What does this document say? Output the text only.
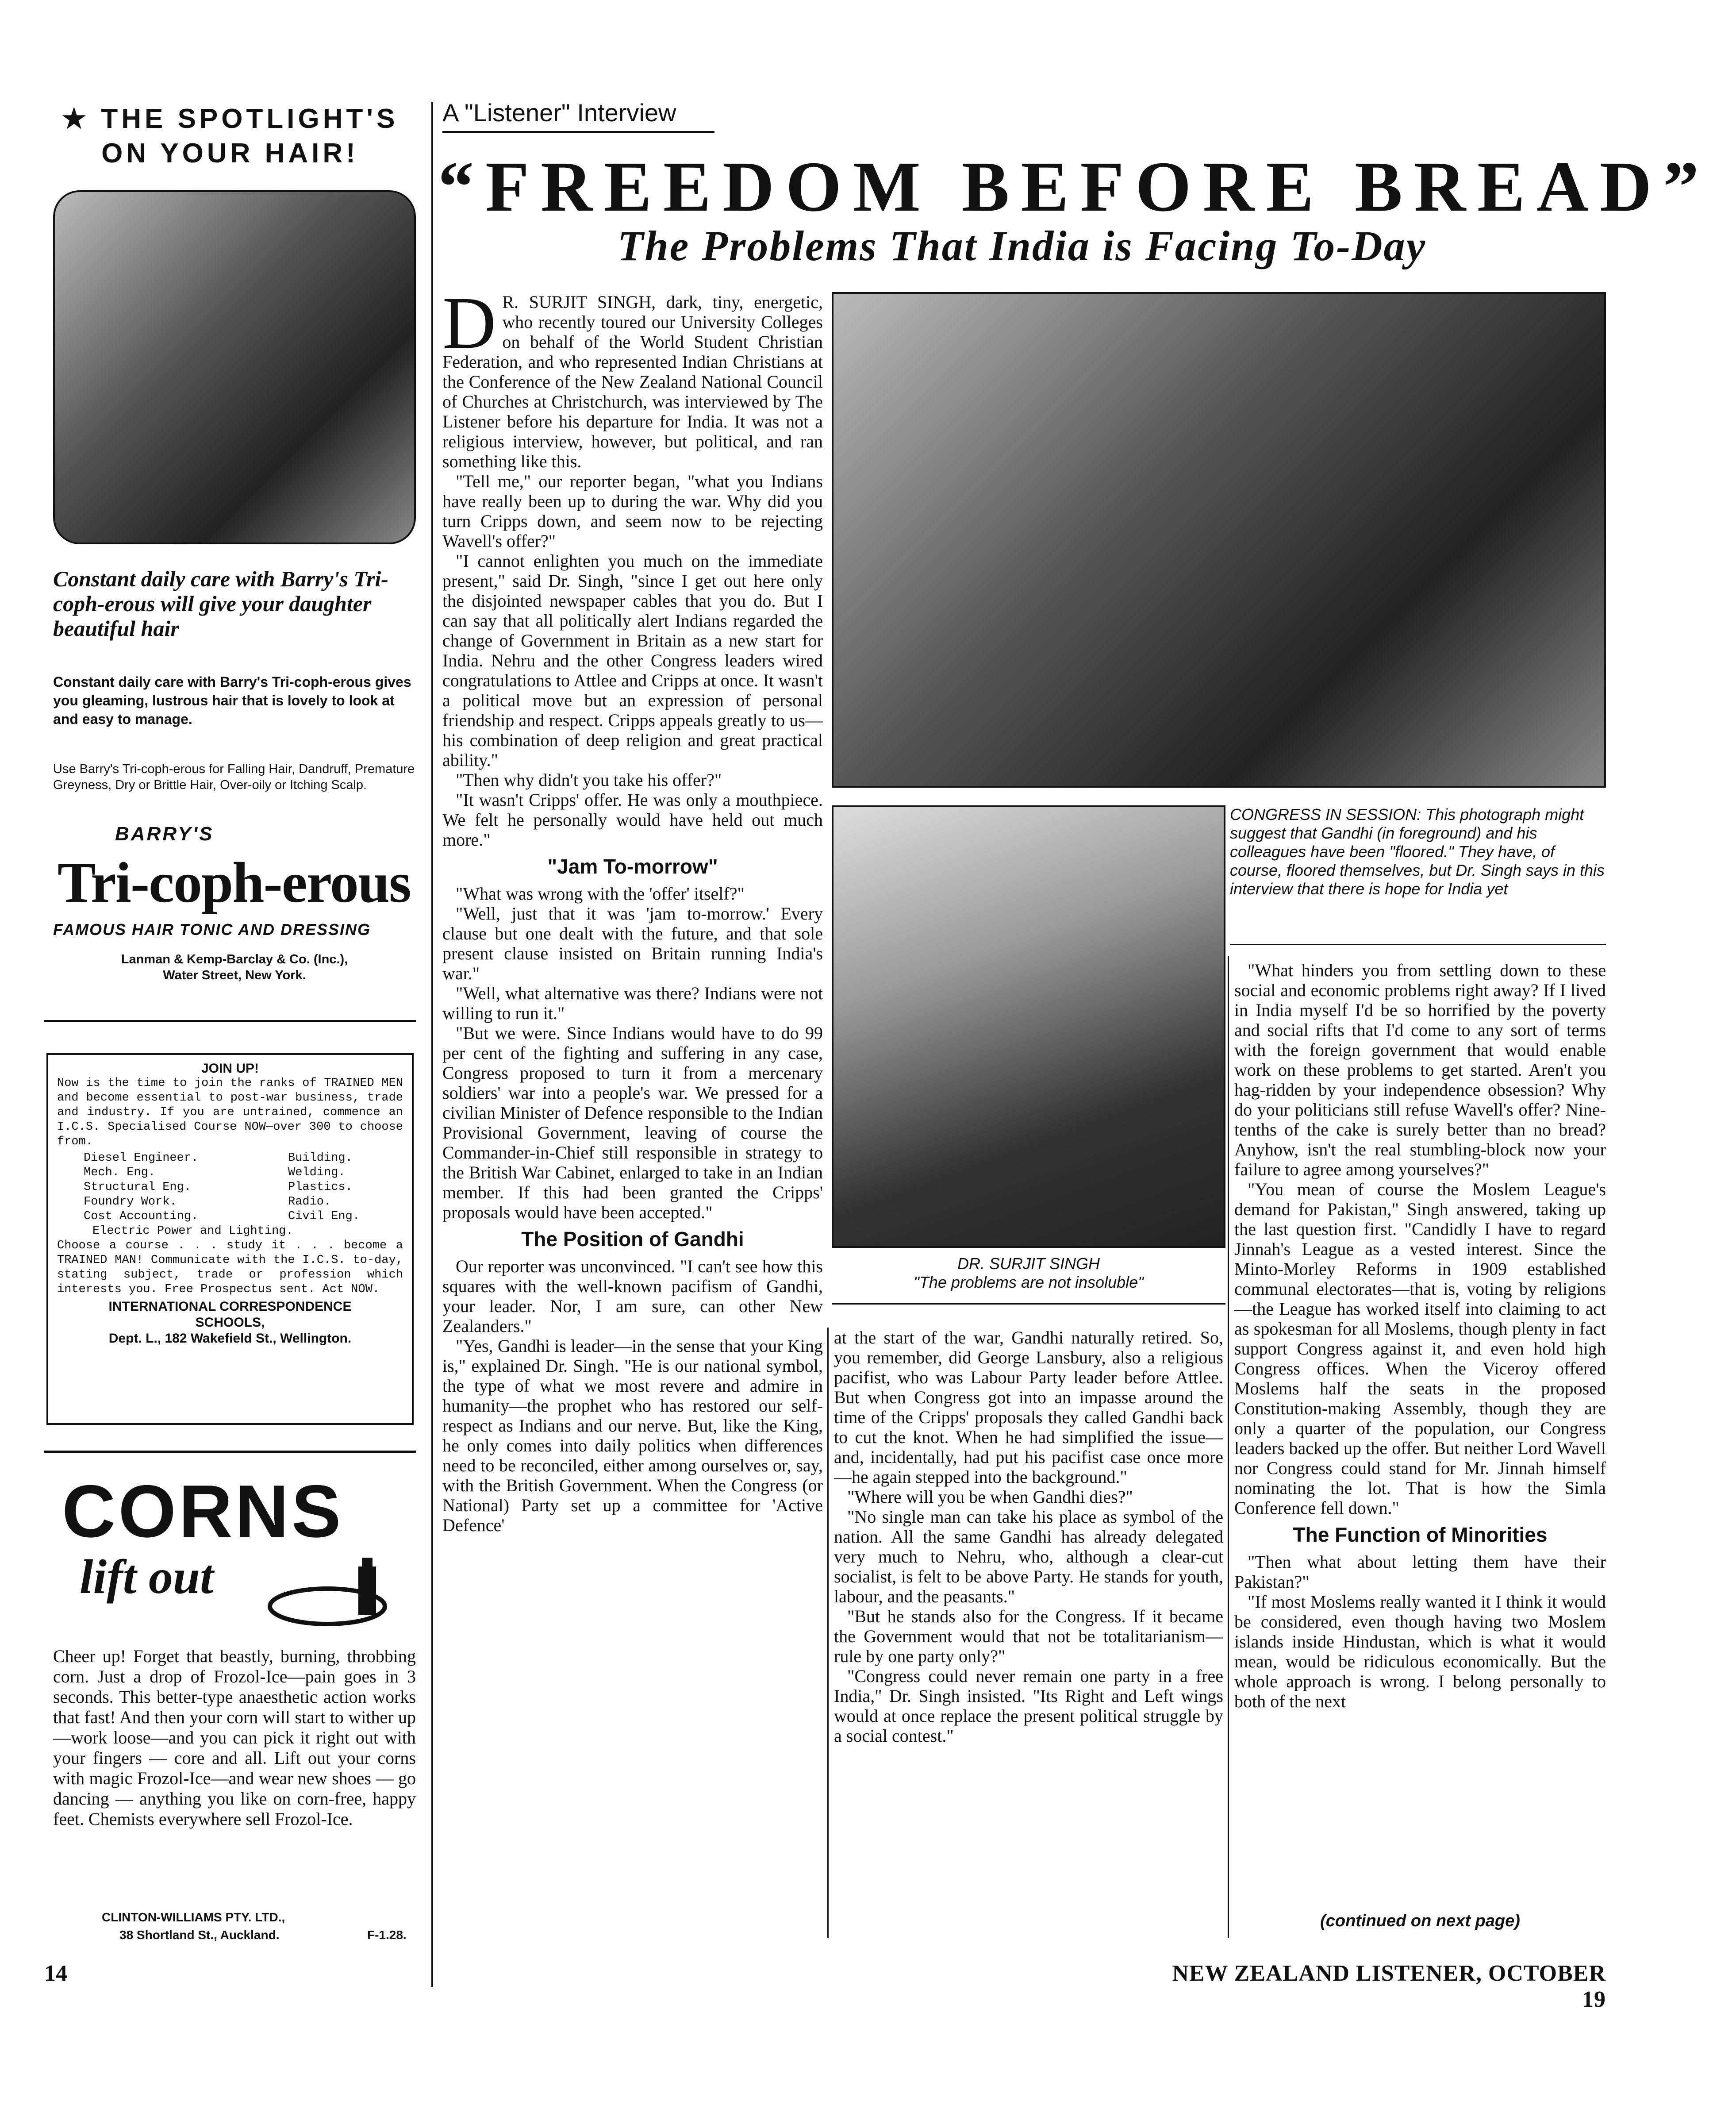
★ THE SPOTLIGHT'S
ON YOUR HAIR!
Constant daily care with Barry's Tri-coph-erous will give your daughter beautiful hair
Constant daily care with Barry's Tri-coph-erous gives you gleaming, lustrous hair that is lovely to look at and easy to manage.
Use Barry's Tri-coph-erous for Falling Hair, Dandruff, Premature Greyness, Dry or Brittle Hair, Over-oily or Itching Scalp.
BARRY'S
Tri-coph-erous
FAMOUS HAIR TONIC AND DRESSING
Lanman & Kemp-Barclay & Co. (Inc.),
Water Street, New York.
JOIN UP!
Now is the time to join the ranks of TRAINED MEN and become essential to post-war business, trade and industry. If you are untrained, commence an I.C.S. Specialised Course NOW—over 300 to choose from.
Diesel Engineer.
Mech. Eng.
Structural Eng.
Foundry Work.
Cost Accounting.
Building.
Welding.
Plastics.
Radio.
Civil Eng.
Electric Power and Lighting.
Choose a course . . . study it . . . become a TRAINED MAN! Communicate with the I.C.S. to-day, stating subject, trade or profession which interests you. Free Prospectus sent. Act NOW.
INTERNATIONAL CORRESPONDENCE
SCHOOLS,
Dept. L., 182 Wakefield St., Wellington.
CORNS
lift out
Cheer up! Forget that beastly, burning, throbbing corn. Just a drop of Frozol-Ice—pain goes in 3 seconds. This better-type anaesthetic action works that fast! And then your corn will start to wither up—work loose—and you can pick it right out with your fingers — core and all. Lift out your corns with magic Frozol-Ice—and wear new shoes — go dancing — anything you like on corn-free, happy feet. Chemists everywhere sell Frozol-Ice.
CLINTON-WILLIAMS PTY. LTD.,
38 Shortland St., Auckland.	F-1.28.
A "Listener" Interview
“FREEDOM BEFORE BREAD”
The Problems That India is Facing To-Day
DR. SURJIT SINGH
"The problems are not insoluble"
CONGRESS IN SESSION: This photograph might suggest that Gandhi (in foreground) and his colleagues have been "floored." They have, of course, floored themselves, but Dr. Singh says in this interview that there is hope for India yet

D R. SURJIT SINGH, dark, tiny, energetic, who recently toured our University Colleges on behalf of the World Student Christian Federation, and who represented Indian Christians at the Conference of the New Zealand National Council of Churches at Christchurch, was interviewed by The Listener before his departure for India. It was not a religious interview, however, but political, and ran something like this.

"Tell me," our reporter began, "what you Indians have really been up to during the war. Why did you turn Cripps down, and seem now to be rejecting Wavell's offer?"

"I cannot enlighten you much on the immediate present," said Dr. Singh, "since I get out here only the disjointed newspaper cables that you do. But I can say that all politically alert Indians regarded the change of Government in Britain as a new start for India. Nehru and the other Congress leaders wired congratulations to Attlee and Cripps at once. It wasn't a political move but an expression of personal friendship and respect. Cripps appeals greatly to us—his combination of deep religion and great practical ability."

"Then why didn't you take his offer?"

"It wasn't Cripps' offer. He was only a mouthpiece. We felt he personally would have held out much more."

"Jam To-morrow"

"What was wrong with the 'offer' itself?"

"Well, just that it was 'jam to-morrow.' Every clause but one dealt with the future, and that sole present clause insisted on Britain running India's war."

"Well, what alternative was there? Indians were not willing to run it."

"But we were. Since Indians would have to do 99 per cent of the fighting and suffering in any case, Congress proposed to turn it from a mercenary soldiers' war into a people's war. We pressed for a civilian Minister of Defence responsible to the Indian Provisional Government, leaving of course the Commander-in-Chief still responsible in strategy to the British War Cabinet, enlarged to take in an Indian member. If this had been granted the Cripps' proposals would have been accepted."

The Position of Gandhi

Our reporter was unconvinced. "I can't see how this squares with the well-known pacifism of Gandhi, your leader. Nor, I am sure, can other New Zealanders."

"Yes, Gandhi is leader—in the sense that your King is," explained Dr. Singh. "He is our national symbol, the type of what we most revere and admire in humanity—the prophet who has restored our self-respect as Indians and our nerve. But, like the King, he only comes into daily politics when differences need to be reconciled, either among ourselves or, say, with the British Government. When the Congress (or National) Party set up a committee for 'Active Defence'

at the start of the war, Gandhi naturally retired. So, you remember, did George Lansbury, also a religious pacifist, who was Labour Party leader before Attlee. But when Congress got into an impasse around the time of the Cripps' proposals they called Gandhi back to cut the knot. When he had simplified the issue—and, incidentally, had put his pacifist case once more—he again stepped into the background."

"Where will you be when Gandhi dies?"

"No single man can take his place as symbol of the nation. All the same Gandhi has already delegated very much to Nehru, who, although a clear-cut socialist, is felt to be above Party. He stands for youth, labour, and the peasants."

"But he stands also for the Congress. If it became the Government would that not be totalitarianism—rule by one party only?"

"Congress could never remain one party in a free India," Dr. Singh insisted. "Its Right and Left wings would at once replace the present political struggle by a social contest."

"What hinders you from settling down to these social and economic problems right away? If I lived in India myself I'd be so horrified by the poverty and social rifts that I'd come to any sort of terms with the foreign government that would enable work on these problems to get started. Aren't you hag-ridden by your independence obsession? Why do your politicians still refuse Wavell's offer? Nine-tenths of the cake is surely better than no bread? Anyhow, isn't the real stumbling-block now your failure to agree among yourselves?"

"You mean of course the Moslem League's demand for Pakistan," Singh answered, taking up the last question first. "Candidly I have to regard Jinnah's League as a vested interest. Since the Minto-Morley Reforms in 1909 established communal electorates—that is, voting by religions—the League has worked itself into claiming to act as spokesman for all Moslems, though plenty in fact support Congress against it, and even hold high Congress offices. When the Viceroy offered Moslems half the seats in the proposed Constitution-making Assembly, though they are only a quarter of the population, our Congress leaders backed up the offer. But neither Lord Wavell nor Congress could stand for Mr. Jinnah himself nominating the lot. That is how the Simla Conference fell down."

The Function of Minorities

"Then what about letting them have their Pakistan?"

"If most Moslems really wanted it I think it would be considered, even though having two Moslem islands inside Hindustan, which is what it would mean, would be ridiculous economically. But the whole approach is wrong. I belong personally to both of the next

(continued on next page)
14	NEW ZEALAND LISTENER, OCTOBER 19
